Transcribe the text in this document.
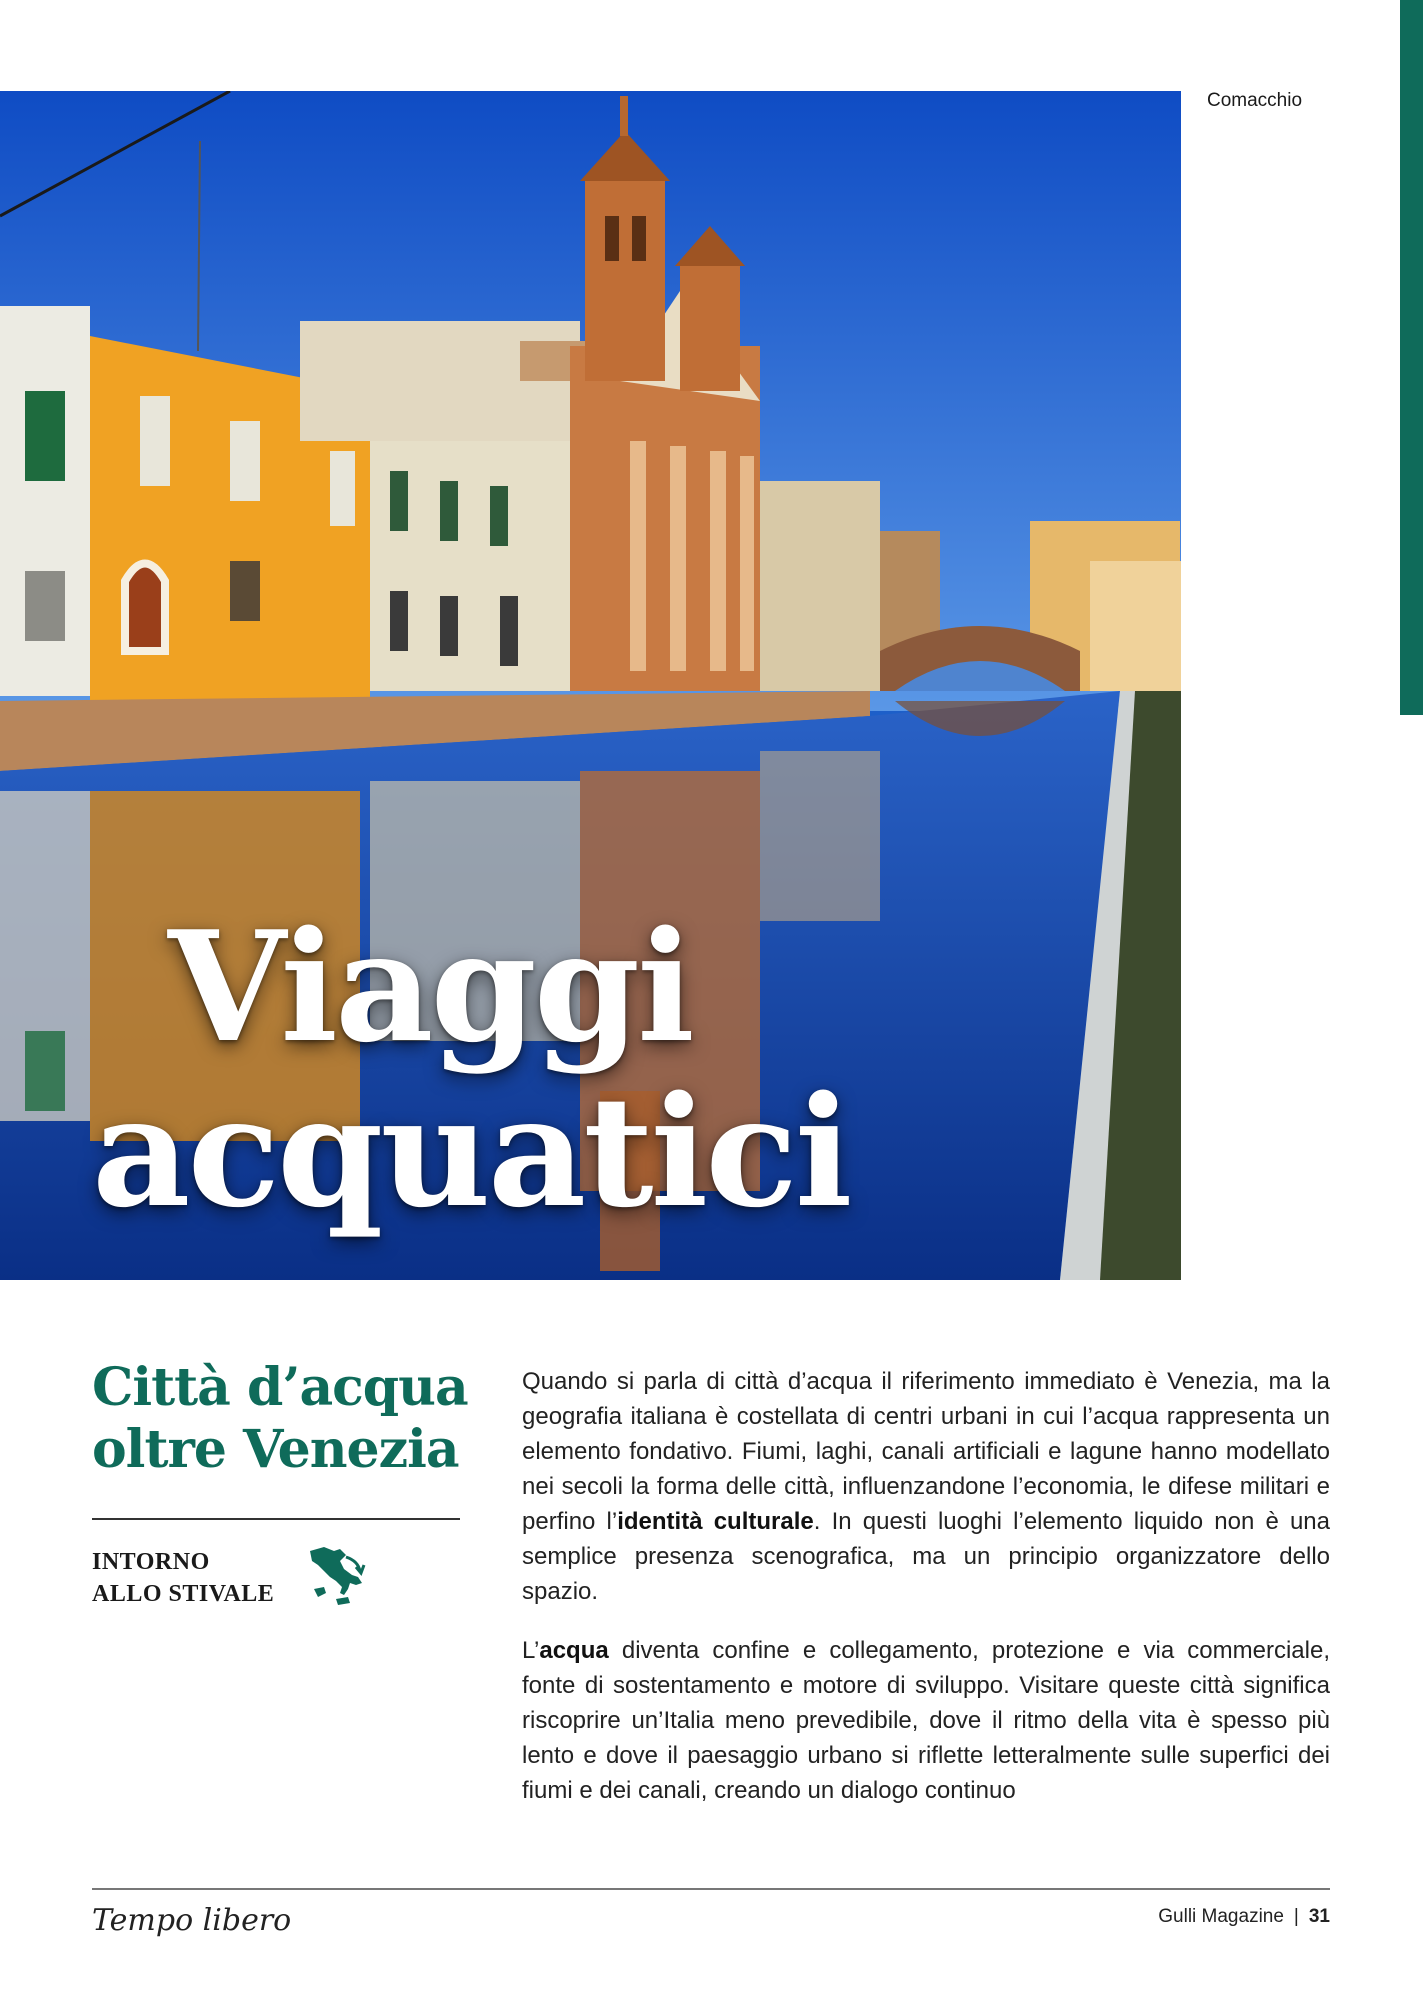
Comacchio
Viaggi
acquatici
Città d’acqua
oltre Venezia
INTORNO
ALLO STIVALE

Quando si parla di città d’acqua il riferimento immediato è Venezia, ma la geografia italiana è costellata di centri urbani in cui l’acqua rappresenta un elemento fondativo. Fiumi, laghi, canali artificiali e lagune hanno modellato nei secoli la forma delle città, influenzandone l’economia, le difese militari e perfino l’identità culturale. In questi luoghi l’elemento liquido non è una semplice presenza scenografica, ma un principio organizzatore dello spazio.

L’acqua diventa confine e collegamento, protezione e via commerciale, fonte di sostentamento e motore di sviluppo. Visitare queste città significa riscoprire un’Italia meno prevedibile, dove il ritmo della vita è spesso più lento e dove il paesaggio urbano si riflette letteralmente sulle superfici dei fiumi e dei canali, creando un dialogo continuo

Tempo libero	Gulli Magazine | 31
